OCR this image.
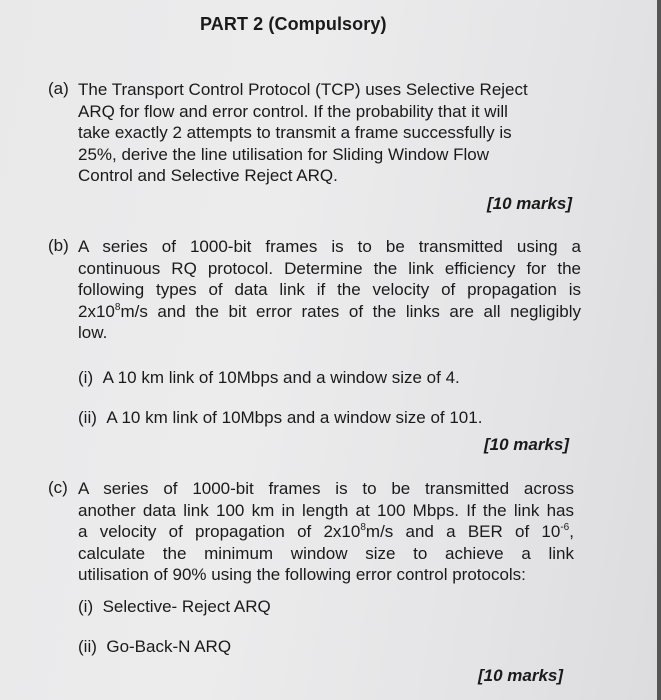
PART 2 (Compulsory)
(a) The Transport Control Protocol (TCP) uses Selective Reject
ARQ for flow and error control. If the probability that it will
take exactly 2 attempts to transmit a frame successfully is
25%, derive the line utilisation for Sliding Window Flow
Control and Selective Reject ARQ.
[10 marks]
(b) A series of 1000-bit frames is to be transmitted using a
continuous RQ protocol. Determine the link efficiency for the
following types of data link if the velocity of propagation is
$2x10^8m/s$ and the bit error rates of the links are all negligibly
low.
(i) A 10 km link of 10Mbps and a window size of 4.
(ii) A 10 km link of 10Mbps and a window size of 101.
[10 marks]
(c) A series of 1000-bit frames is to be transmitted across
another data link 100 km in length at 100 Mbps. If the link has
a velocity of propagation of $2x10^8m/s$ and a BER of $10^{-6}$,
calculate the minimum window size to achieve a link
utilisation of 90% using the following error control protocols:
(i) Selective- Reject ARQ
(ii) Go-Back-N ARQ
[10 marks]
